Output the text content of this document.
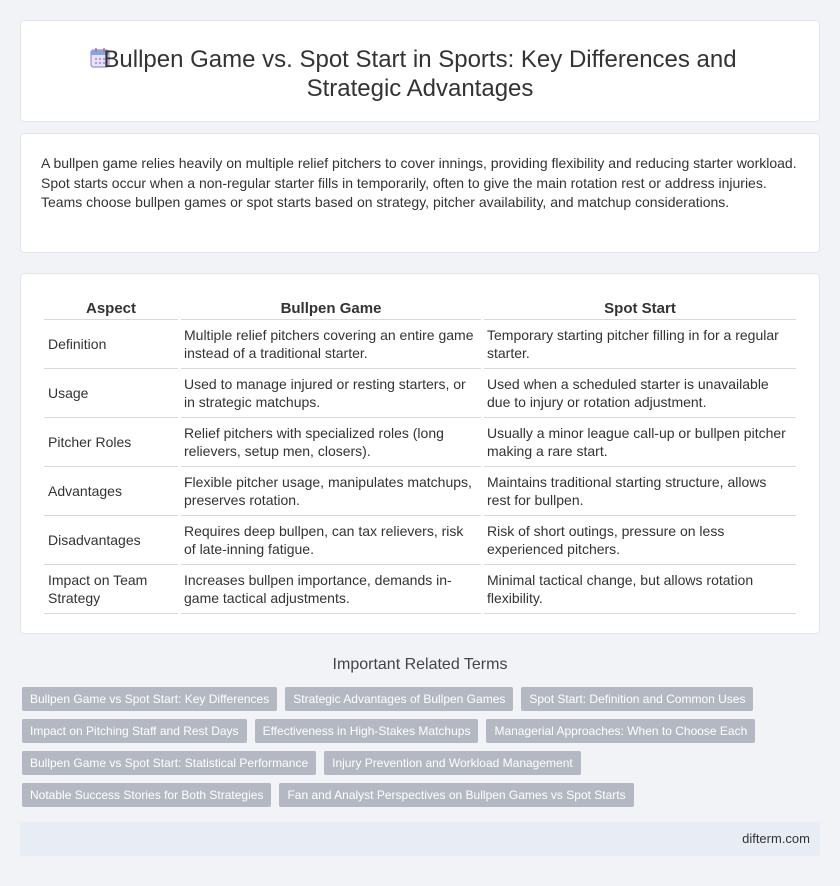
Bullpen Game vs. Spot Start in Sports: Key Differences and Strategic Advantages

A bullpen game relies heavily on multiple relief pitchers to cover innings, providing flexibility and reducing starter workload. Spot starts occur when a non-regular starter fills in temporarily, often to give the main rotation rest or address injuries. Teams choose bullpen games or spot starts based on strategy, pitcher availability, and matchup considerations.

Aspect	Bullpen Game	Spot Start
Definition	Multiple relief pitchers covering an entire game instead of a traditional starter.	Temporary starting pitcher filling in for a regular starter.
Usage	Used to manage injured or resting starters, or in strategic matchups.	Used when a scheduled starter is unavailable due to injury or rotation adjustment.
Pitcher Roles	Relief pitchers with specialized roles (long relievers, setup men, closers).	Usually a minor league call-up or bullpen pitcher making a rare start.
Advantages	Flexible pitcher usage, manipulates matchups, preserves rotation.	Maintains traditional starting structure, allows rest for bullpen.
Disadvantages	Requires deep bullpen, can tax relievers, risk of late-inning fatigue.	Risk of short outings, pressure on less experienced pitchers.
Impact on Team Strategy	Increases bullpen importance, demands in-game tactical adjustments.	Minimal tactical change, but allows rotation flexibility.
Important Related Terms
Bullpen Game vs Spot Start: Key Differences	Strategic Advantages of Bullpen Games	Spot Start: Definition and Common Uses
Impact on Pitching Staff and Rest Days	Effectiveness in High-Stakes Matchups	Managerial Approaches: When to Choose Each
Bullpen Game vs Spot Start: Statistical Performance	Injury Prevention and Workload Management
Notable Success Stories for Both Strategies	Fan and Analyst Perspectives on Bullpen Games vs Spot Starts
difterm.com
